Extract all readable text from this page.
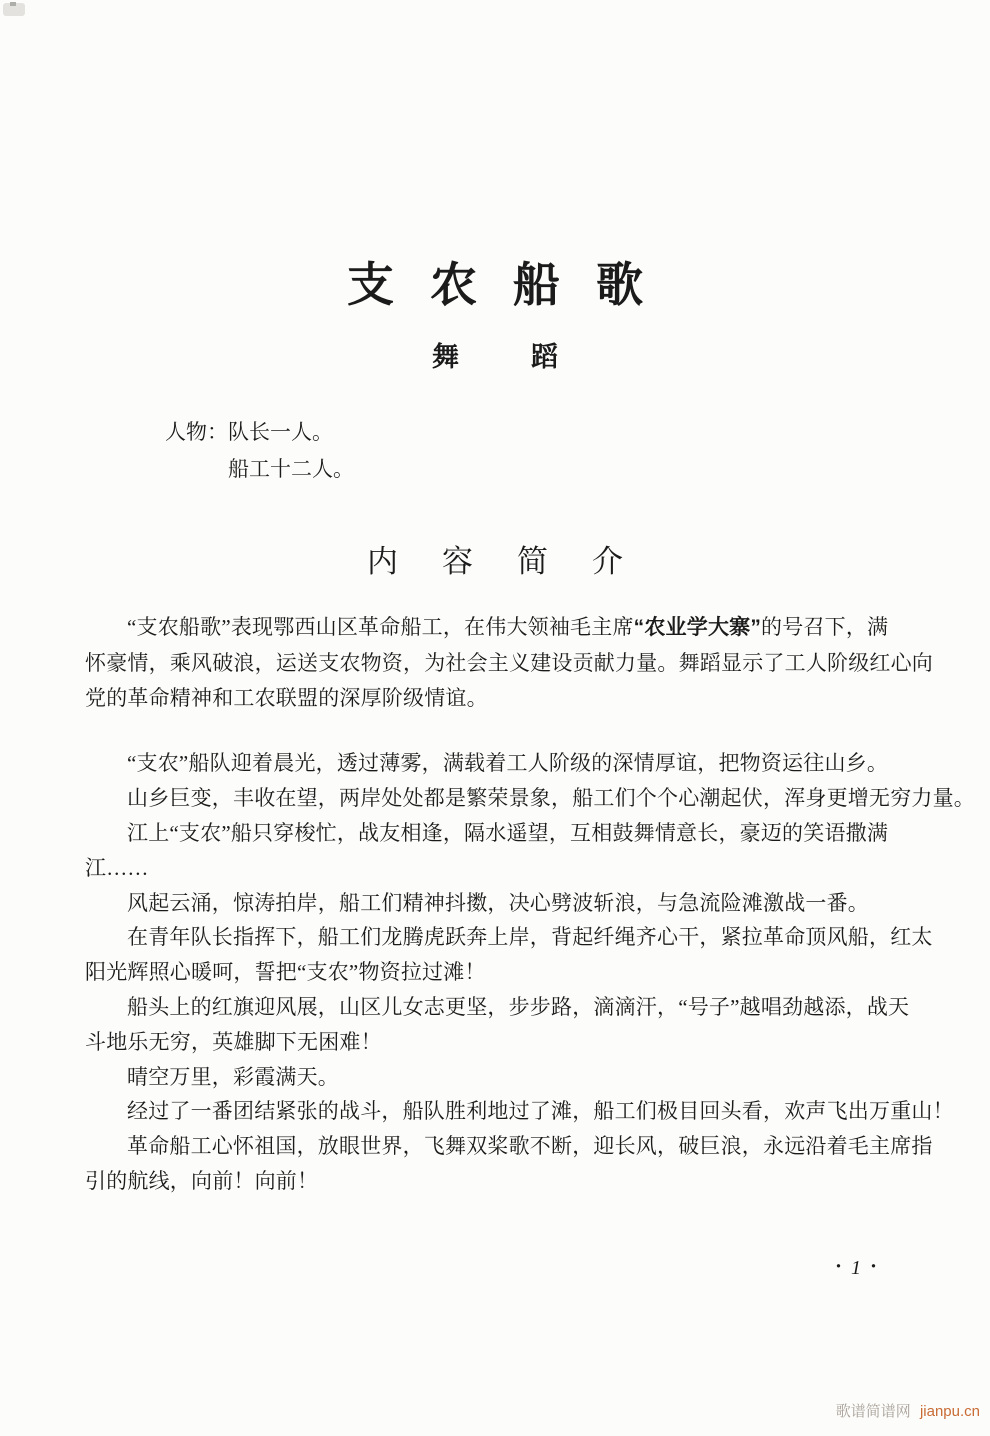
支农船歌
舞蹈
人物：队长一人。
船工十二人。
内容简介
“支农船歌”表现鄂西山区革命船工，在伟大领袖毛主席“农业学大寨”的号召下，满
怀豪情，乘风破浪，运送支农物资，为社会主义建设贡献力量。舞蹈显示了工人阶级红心向
党的革命精神和工农联盟的深厚阶级情谊。
“支农”船队迎着晨光，透过薄雾，满载着工人阶级的深情厚谊，把物资运往山乡。
山乡巨变，丰收在望，两岸处处都是繁荣景象，船工们个个心潮起伏，浑身更增无穷力量。
江上“支农”船只穿梭忙，战友相逢，隔水遥望，互相鼓舞情意长，豪迈的笑语撒满
江……
风起云涌，惊涛拍岸，船工们精神抖擞，决心劈波斩浪，与急流险滩激战一番。
在青年队长指挥下，船工们龙腾虎跃奔上岸，背起纤绳齐心干，紧拉革命顶风船，红太
阳光辉照心暖呵，誓把“支农”物资拉过滩！
船头上的红旗迎风展，山区儿女志更坚，步步路，滴滴汗，“号子”越唱劲越添，战天
斗地乐无穷，英雄脚下无困难！
晴空万里，彩霞满天。
经过了一番团结紧张的战斗，船队胜利地过了滩，船工们极目回头看，欢声飞出万重山！
革命船工心怀祖国，放眼世界，飞舞双桨歌不断，迎长风，破巨浪，永远沿着毛主席指
引的航线，向前！向前！
· 1 ·
歌谱简谱网 jianpu.cn
